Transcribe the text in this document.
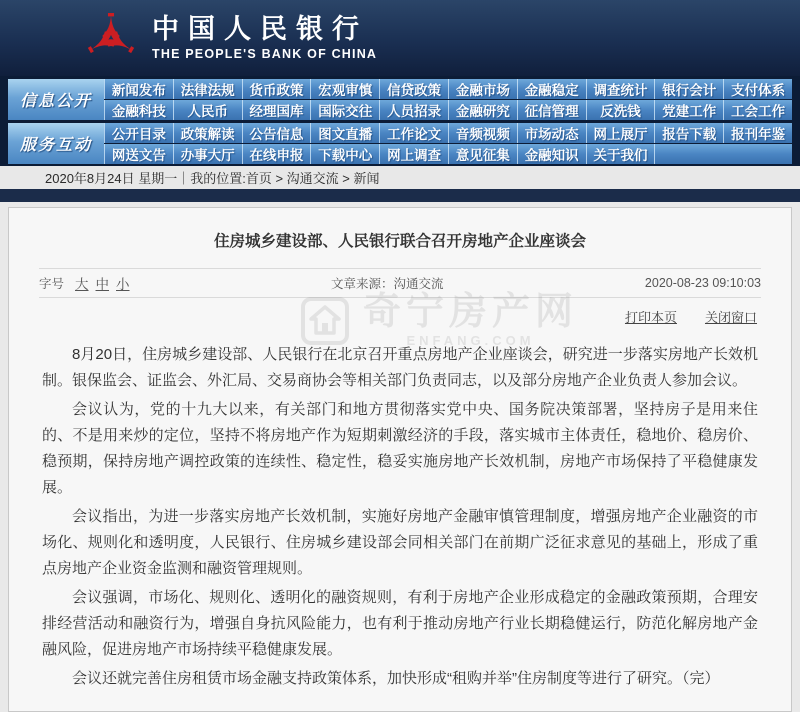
中国人民银行
THE PEOPLE'S BANK OF CHINA
信息公开
新闻发布	法律法规	货币政策	宏观审慎	信贷政策	金融市场	金融稳定	调查统计	银行会计	支付体系
金融科技	人民币	经理国库	国际交往	人员招录	金融研究	征信管理	反洗钱	党建工作	工会工作
服务互动
公开目录	政策解读	公告信息	图文直播	工作论文	音频视频	市场动态	网上展厅	报告下载	报刊年鉴
网送文告	办事大厅	在线申报	下载中心	网上调查	意见征集	金融知识	关于我们
2020年8月24日 星期一｜我的位置:首页 > 沟通交流 > 新闻
住房城乡建设部、人民银行联合召开房地产企业座谈会
字号 大 中 小	文章来源：沟通交流	2020-08-23 09:10:03
打印本页 关闭窗口

8月20日，住房城乡建设部、人民银行在北京召开重点房地产企业座谈会，研究进一步落实房地产长效机制。银保监会、证监会、外汇局、交易商协会等相关部门负责同志，以及部分房地产企业负责人参加会议。

会议认为，党的十九大以来，有关部门和地方贯彻落实党中央、国务院决策部署，坚持房子是用来住的、不是用来炒的定位，坚持不将房地产作为短期刺激经济的手段，落实城市主体责任，稳地价、稳房价、稳预期，保持房地产调控政策的连续性、稳定性，稳妥实施房地产长效机制，房地产市场保持了平稳健康发展。

会议指出，为进一步落实房地产长效机制，实施好房地产金融审慎管理制度，增强房地产企业融资的市场化、规则化和透明度，人民银行、住房城乡建设部会同相关部门在前期广泛征求意见的基础上，形成了重点房地产企业资金监测和融资管理规则。

会议强调，市场化、规则化、透明化的融资规则，有利于房地产企业形成稳定的金融政策预期，合理安排经营活动和融资行为，增强自身抗风险能力，也有利于推动房地产行业长期稳健运行，防范化解房地产金融风险，促进房地产市场持续平稳健康发展。

会议还就完善住房租赁市场金融支持政策体系，加快形成“租购并举”住房制度等进行了研究。（完）

奇宁房产网
ENFANG.COM
